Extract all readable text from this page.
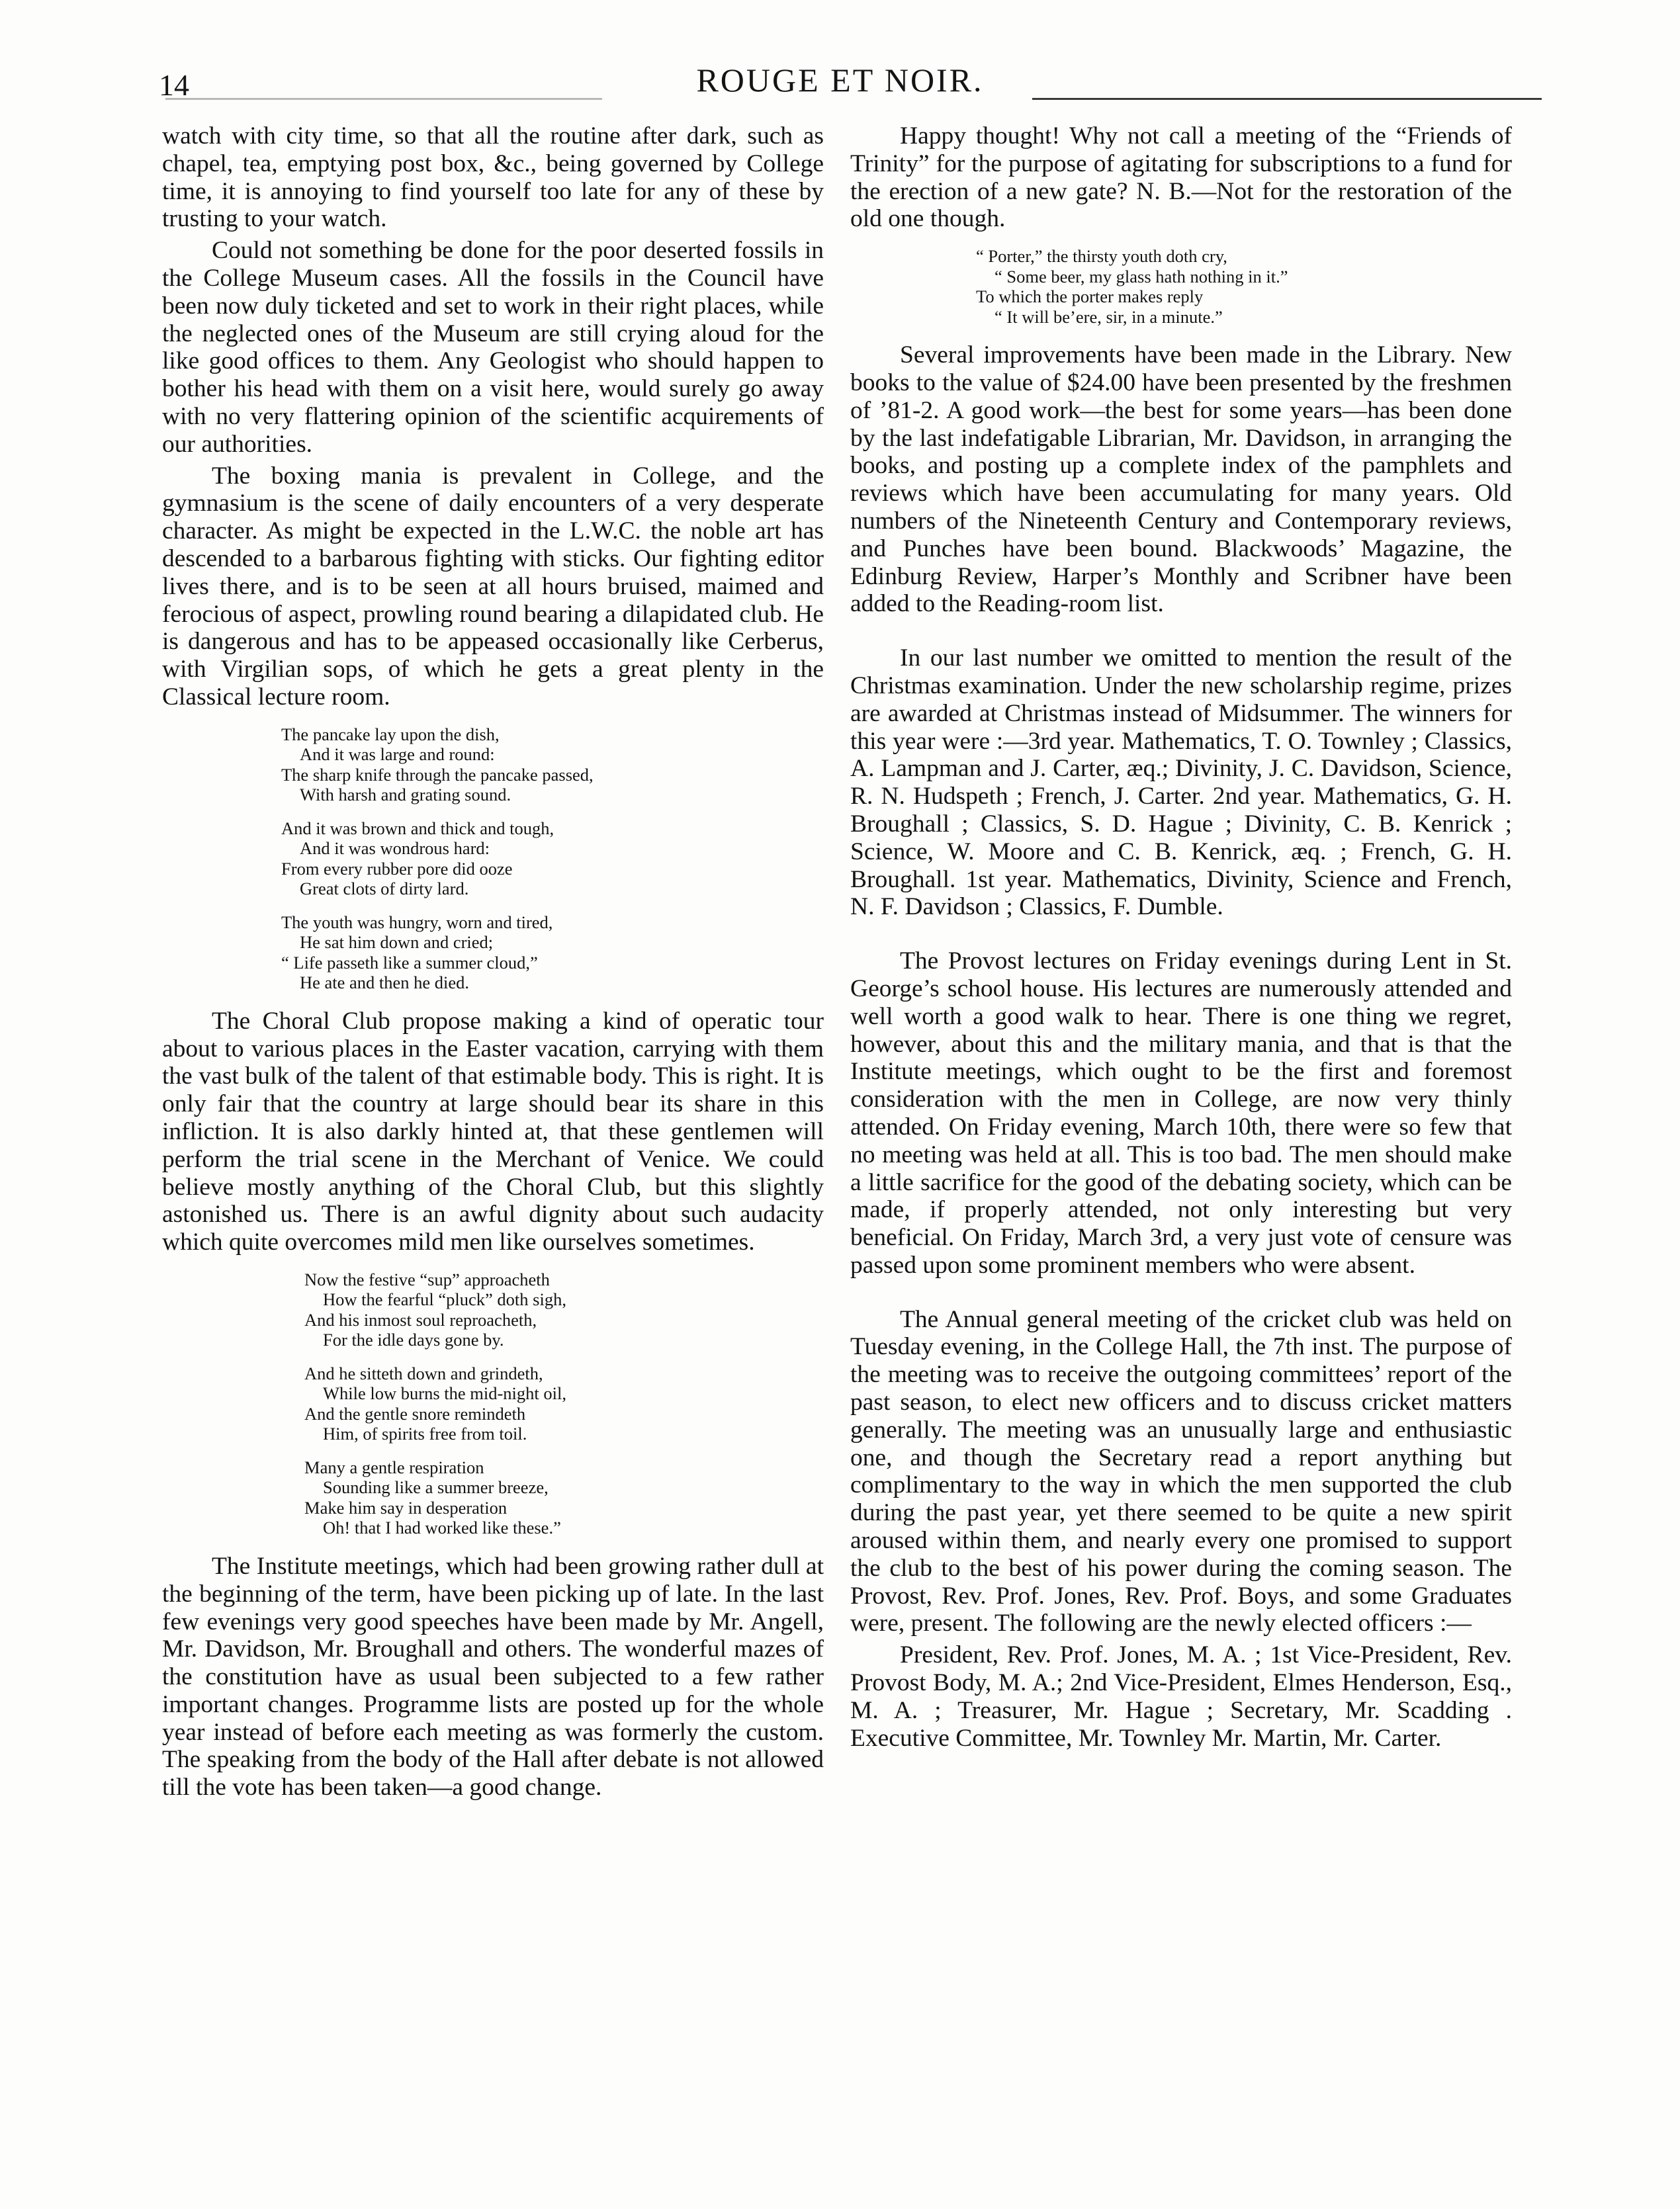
14	ROUGE ET NOIR.

watch with city time, so that all the routine after dark, such as chapel, tea, emptying post box, &c., being governed by College time, it is annoying to find yourself too late for any of these by trusting to your watch.

Could not something be done for the poor deserted fossils in the College Museum cases. All the fossils in the Council have been now duly ticketed and set to work in their right places, while the neglected ones of the Museum are still crying aloud for the like good offices to them. Any Geologist who should happen to bother his head with them on a visit here, would surely go away with no very flattering opinion of the scientific acquirements of our authorities.

The boxing mania is prevalent in College, and the gymnasium is the scene of daily encounters of a very desperate character. As might be expected in the L.W.C. the noble art has descended to a barbarous fighting with sticks. Our fighting editor lives there, and is to be seen at all hours bruised, maimed and ferocious of aspect, prowling round bearing a dilapidated club. He is dangerous and has to be appeased occasionally like Cerberus, with Virgilian sops, of which he gets a great plenty in the Classical lecture room.

The pancake lay upon the dish,
And it was large and round:
The sharp knife through the pancake passed,
With harsh and grating sound.
And it was brown and thick and tough,
And it was wondrous hard:
From every rubber pore did ooze
Great clots of dirty lard.
The youth was hungry, worn and tired,
He sat him down and cried;
“ Life passeth like a summer cloud,”
He ate and then he died.

The Choral Club propose making a kind of operatic tour about to various places in the Easter vacation, carrying with them the vast bulk of the talent of that estimable body. This is right. It is only fair that the country at large should bear its share in this infliction. It is also darkly hinted at, that these gentlemen will perform the trial scene in the Merchant of Venice. We could believe mostly anything of the Choral Club, but this slightly astonished us. There is an awful dignity about such audacity which quite overcomes mild men like ourselves sometimes.

Now the festive “sup” approacheth
How the fearful “pluck” doth sigh,
And his inmost soul reproacheth,
For the idle days gone by.
And he sitteth down and grindeth,
While low burns the mid-night oil,
And the gentle snore remindeth
Him, of spirits free from toil.
Many a gentle respiration
Sounding like a summer breeze,
Make him say in desperation
Oh! that I had worked like these.”

The Institute meetings, which had been growing rather dull at the beginning of the term, have been picking up of late. In the last few evenings very good speeches have been made by Mr. Angell, Mr. Davidson, Mr. Broughall and others. The wonderful mazes of the constitution have as usual been subjected to a few rather important changes. Programme lists are posted up for the whole year instead of before each meeting as was formerly the custom. The speaking from the body of the Hall after debate is not allowed till the vote has been taken—a good change.

Happy thought! Why not call a meeting of the “Friends of Trinity” for the purpose of agitating for subscriptions to a fund for the erection of a new gate? N. B.—Not for the restoration of the old one though.

“ Porter,” the thirsty youth doth cry,
“ Some beer, my glass hath nothing in it.”
To which the porter makes reply
“ It will be’ere, sir, in a minute.”

Several improvements have been made in the Library. New books to the value of $24.00 have been presented by the freshmen of ’81-2. A good work—the best for some years—has been done by the last indefatigable Librarian, Mr. Davidson, in arranging the books, and posting up a complete index of the pamphlets and reviews which have been accumulating for many years. Old numbers of the Nineteenth Century and Contemporary reviews, and Punches have been bound. Blackwoods’ Magazine, the Edinburg Review, Harper’s Monthly and Scribner have been added to the Reading-room list.

In our last number we omitted to mention the result of the Christmas examination. Under the new scholarship regime, prizes are awarded at Christmas instead of Midsummer. The winners for this year were :—3rd year. Mathematics, T. O. Townley ; Classics, A. Lampman and J. Carter, æq.; Divinity, J. C. Davidson, Science, R. N. Hudspeth ; French, J. Carter. 2nd year. Mathematics, G. H. Broughall ; Classics, S. D. Hague ; Divinity, C. B. Kenrick ; Science, W. Moore and C. B. Kenrick, æq. ; French, G. H. Broughall. 1st year. Mathematics, Divinity, Science and French, N. F. Davidson ; Classics, F. Dumble.

The Provost lectures on Friday evenings during Lent in St. George’s school house. His lectures are numerously attended and well worth a good walk to hear. There is one thing we regret, however, about this and the military mania, and that is that the Institute meetings, which ought to be the first and foremost consideration with the men in College, are now very thinly attended. On Friday evening, March 10th, there were so few that no meeting was held at all. This is too bad. The men should make a little sacrifice for the good of the debating society, which can be made, if properly attended, not only interesting but very beneficial. On Friday, March 3rd, a very just vote of censure was passed upon some prominent members who were absent.

The Annual general meeting of the cricket club was held on Tuesday evening, in the College Hall, the 7th inst. The purpose of the meeting was to receive the outgoing committees’ report of the past season, to elect new officers and to discuss cricket matters generally. The meeting was an unusually large and enthusiastic one, and though the Secretary read a report anything but complimentary to the way in which the men supported the club during the past year, yet there seemed to be quite a new spirit aroused within them, and nearly every one promised to support the club to the best of his power during the coming season. The Provost, Rev. Prof. Jones, Rev. Prof. Boys, and some Graduates were, present. The following are the newly elected officers :—

President, Rev. Prof. Jones, M. A. ; 1st Vice-President, Rev. Provost Body, M. A.; 2nd Vice-President, Elmes Henderson, Esq., M. A. ; Treasurer, Mr. Hague ; Secretary, Mr. Scadding . Executive Committee, Mr. Townley Mr. Martin, Mr. Carter.
